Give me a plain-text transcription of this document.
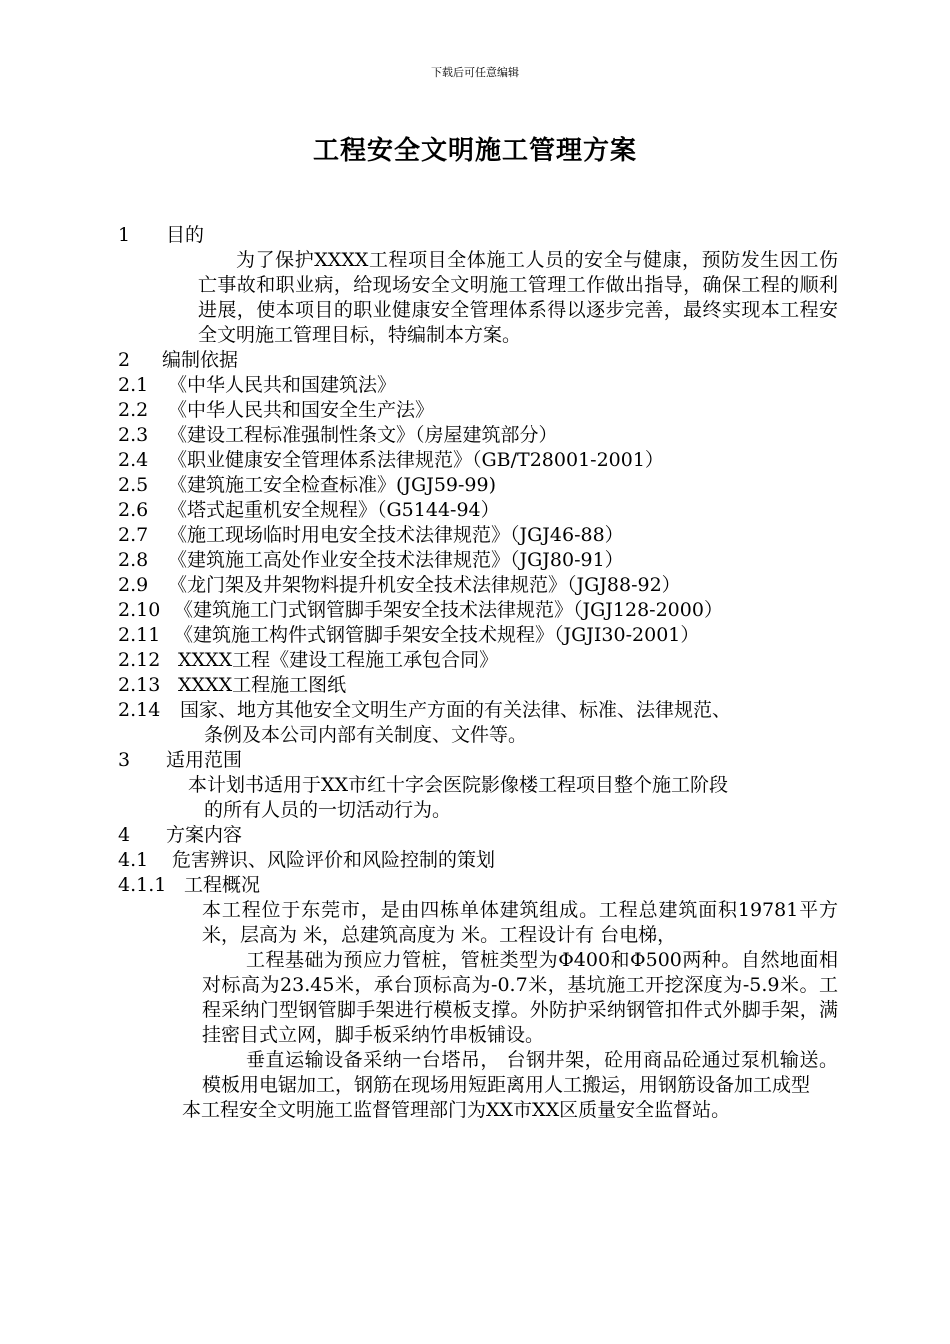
下载后可任意编辑
工程安全文明施工管理方案
1	目的
为了保护XXXX工程项目全体施工人员的安全与健康，预防发生因工伤亡事故和职业病，给现场安全文明施工管理工作做出指导，确保工程的顺利进展，使本项目的职业健康安全管理体系得以逐步完善，最终实现本工程安全文明施工管理目标，特编制本方案。
2	编制依据
2.1	《中华人民共和国建筑法》
2.2	《中华人民共和国安全生产法》
2.3	《建设工程标准强制性条文》（房屋建筑部分）
2.4	《职业健康安全管理体系法律规范》（GB/T28001-2001）
2.5	《建筑施工安全检查标准》(JGJ59-99)
2.6	《塔式起重机安全规程》（G5144-94）
2.7	《施工现场临时用电安全技术法律规范》（JGJ46-88）
2.8	《建筑施工高处作业安全技术法律规范》（JGJ80-91）
2.9	《龙门架及井架物料提升机安全技术法律规范》（JGJ88-92）
2.10 《建筑施工门式钢管脚手架安全技术法律规范》（JGJ128-2000）
2.11 《建筑施工构件式钢管脚手架安全技术规程》（JGJI30-2001）
2.12 XXXX工程《建设工程施工承包合同》
2.13 XXXX工程施工图纸
2.14	国家、地方其他安全文明生产方面的有关法律、标准、法律规范、
条例及本公司内部有关制度、文件等。
3	适用范围
本计划书适用于XX市红十字会医院影像楼工程项目整个施工阶段
的所有人员的一切活动行为。
4	方案内容
4.1	危害辨识、风险评价和风险控制的策划
4.1.1 工程概况
本工程位于东莞市，是由四栋单体建筑组成。工程总建筑面积19781平方米，层高为 米，总建筑高度为 米。工程设计有 台电梯，
工程基础为预应力管桩，管桩类型为Φ400和Φ500两种。自然地面相对标高为23.45米，承台顶标高为-0.7米，基坑施工开挖深度为-5.9米。工程采纳门型钢管脚手架进行模板支撑。外防护采纳钢管扣件式外脚手架，满挂密目式立网，脚手板采纳竹串板铺设。
垂直运输设备采纳一台塔吊， 台钢井架，砼用商品砼通过泵机输送。模板用电锯加工，钢筋在现场用短距离用人工搬运，用钢筋设备加工成型
本工程安全文明施工监督管理部门为XX市XX区质量安全监督站。
